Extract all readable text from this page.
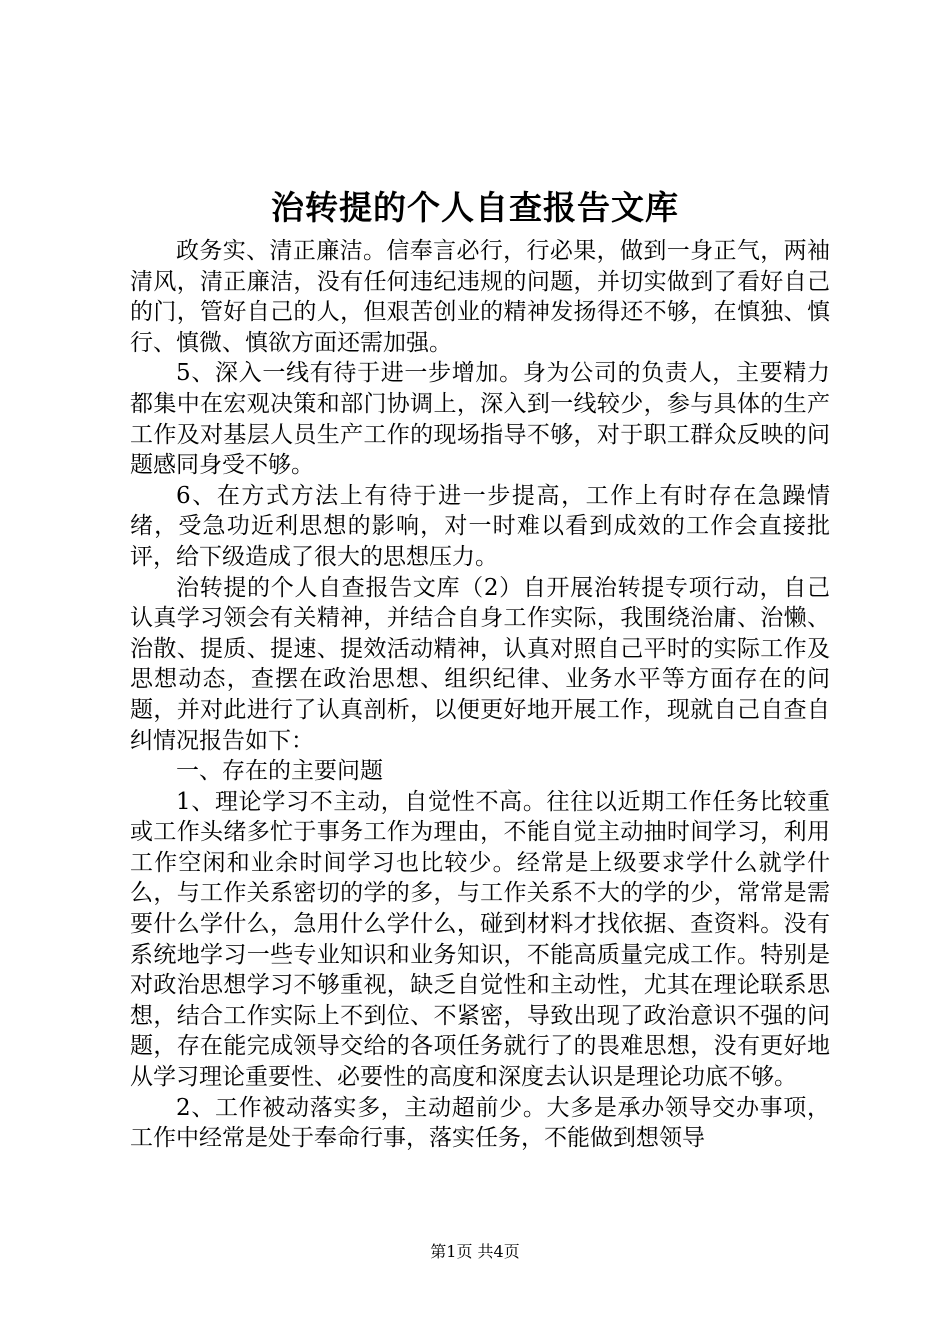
治转提的个人自查报告文库

政务实、清正廉洁。信奉言必行，行必果，做到一身正气，两袖清风，清正廉洁，没有任何违纪违规的问题，并切实做到了看好自己的门，管好自己的人，但艰苦创业的精神发扬得还不够，在慎独、慎行、慎微、慎欲方面还需加强。

5、深入一线有待于进一步增加。身为公司的负责人，主要精力都集中在宏观决策和部门协调上，深入到一线较少，参与具体的生产工作及对基层人员生产工作的现场指导不够，对于职工群众反映的问题感同身受不够。

6、在方式方法上有待于进一步提高，工作上有时存在急躁情绪，受急功近利思想的影响，对一时难以看到成效的工作会直接批评，给下级造成了很大的思想压力。

治转提的个人自查报告文库（2）自开展治转提专项行动，自己认真学习领会有关精神，并结合自身工作实际，我围绕治庸、治懒、治散、提质、提速、提效活动精神，认真对照自己平时的实际工作及思想动态，查摆在政治思想、组织纪律、业务水平等方面存在的问题，并对此进行了认真剖析，以便更好地开展工作，现就自己自查自纠情况报告如下：

一、存在的主要问题

1、理论学习不主动，自觉性不高。往往以近期工作任务比较重或工作头绪多忙于事务工作为理由，不能自觉主动抽时间学习，利用工作空闲和业余时间学习也比较少。经常是上级要求学什么就学什么，与工作关系密切的学的多，与工作关系不大的学的少，常常是需要什么学什么，急用什么学什么，碰到材料才找依据、查资料。没有系统地学习一些专业知识和业务知识，不能高质量完成工作。特别是对政治思想学习不够重视，缺乏自觉性和主动性，尤其在理论联系思想，结合工作实际上不到位、不紧密，导致出现了政治意识不强的问题，存在能完成领导交给的各项任务就行了的畏难思想，没有更好地从学习理论重要性、必要性的高度和深度去认识是理论功底不够。

2、工作被动落实多，主动超前少。大多是承办领导交办事项，工作中经常是处于奉命行事，落实任务，不能做到想领导

第1页 共4页
